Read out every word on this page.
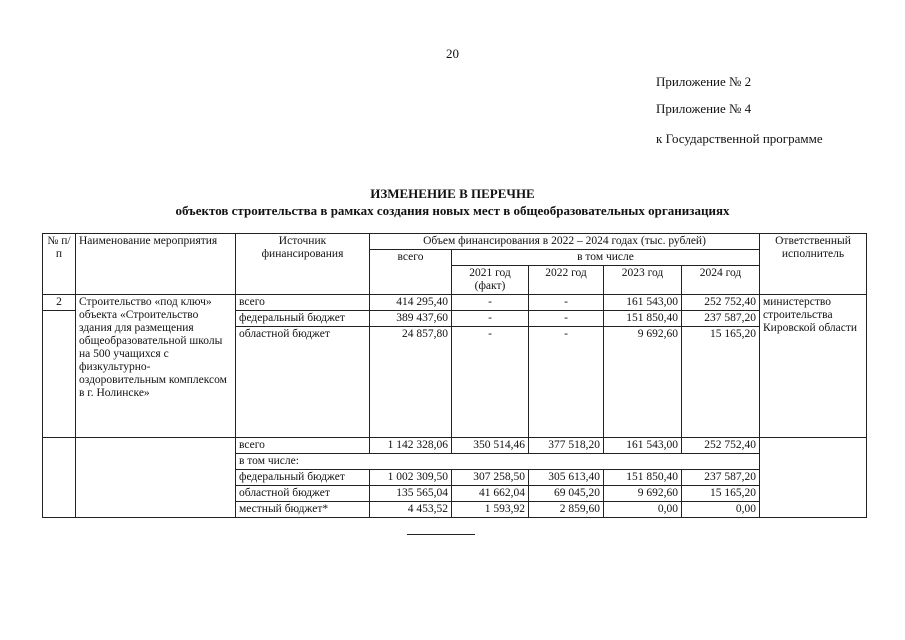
20
Приложение № 2
Приложение № 4
к Государственной программе
ИЗМЕНЕНИЕ В ПЕРЕЧНЕ
объектов строительства в рамках создания новых мест в общеобразовательных организациях
№ п/п	Наименование мероприятия	Источник финансирования	Объем финансирования в 2022 – 2024 годах (тыс. рублей)					Ответственный исполнитель
			всего	в том числе				
				2021 год (факт)	2022 год	2023 год	2024 год	
2	Строительство «под ключ» объекта «Строительство здания для размещения общеобразовательной школы на 500 учащихся с физкультурно-оздоровительным комплексом в г. Нолинске»	всего	414 295,40	-	-	161 543,00	252 752,40	министерство строительства Кировской области
		федеральный бюджет	389 437,60	-	-	151 850,40	237 587,20	
		областной бюджет	24 857,80	-	-	9 692,60	15 165,20	
		всего	1 142 328,06	350 514,46	377 518,20	161 543,00	252 752,40	
		в том числе:						
		федеральный бюджет	1 002 309,50	307 258,50	305 613,40	151 850,40	237 587,20	
		областной бюджет	135 565,04	41 662,04	69 045,20	9 692,60	15 165,20	
		местный бюджет*	4 453,52	1 593,92	2 859,60	0,00	0,00	
